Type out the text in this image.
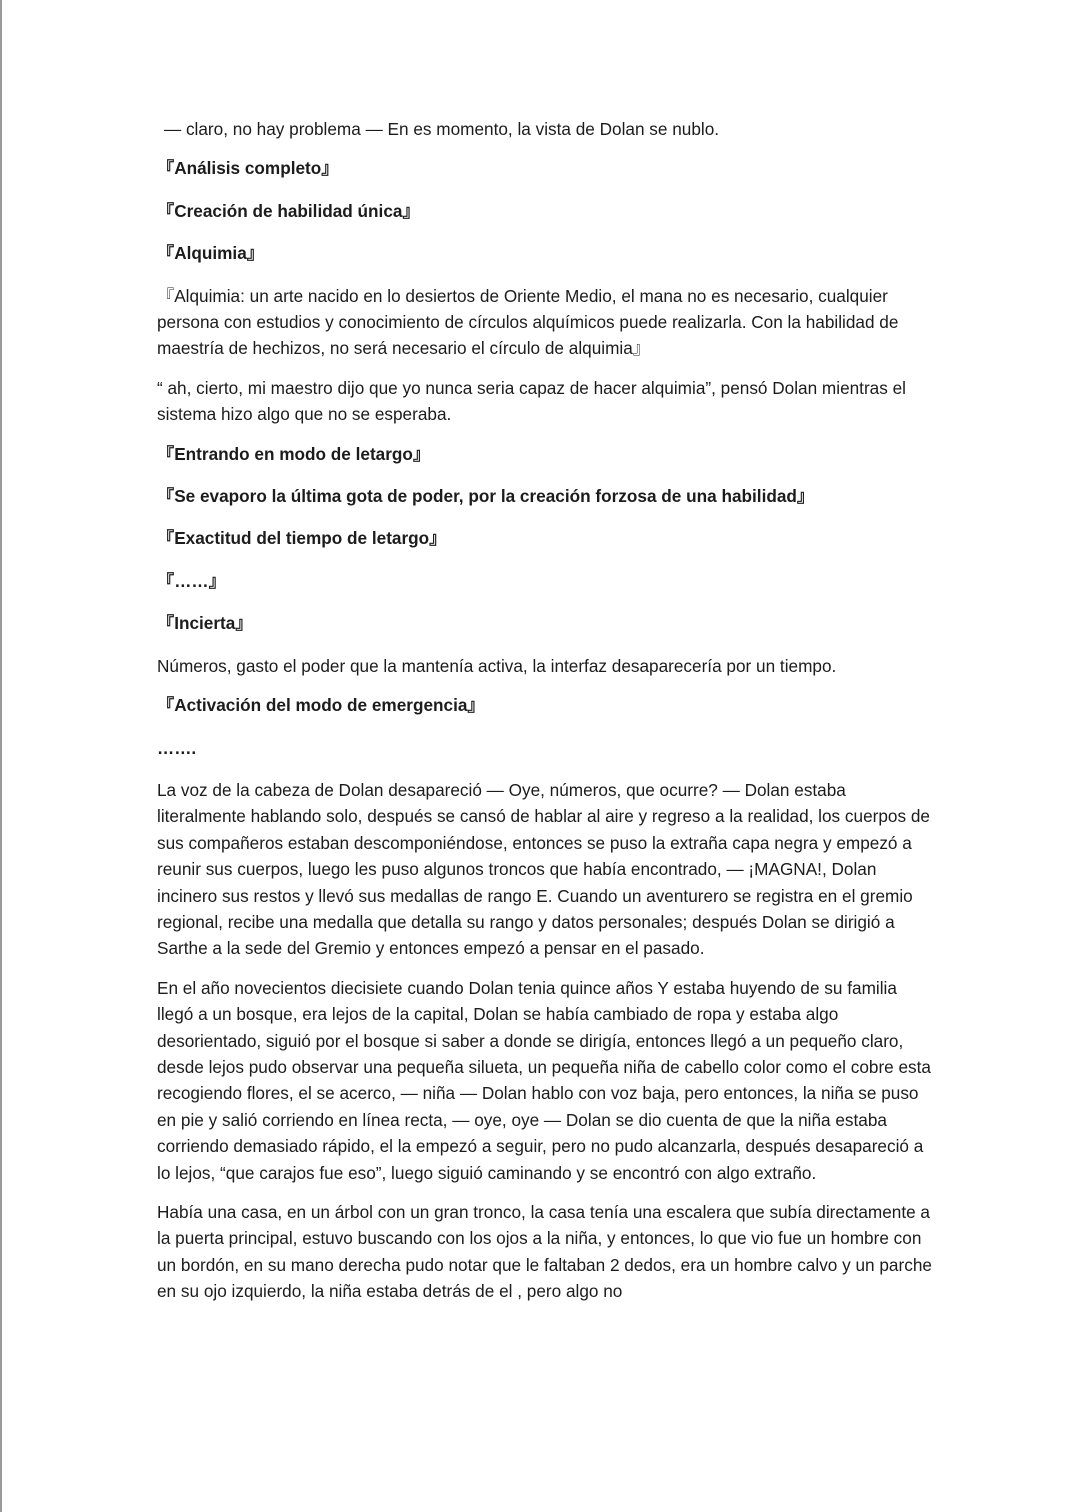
— claro, no hay problema — En es momento, la vista de Dolan se nublo.

『Análisis completo』

『Creación de habilidad única』

『Alquimia』

『Alquimia: un arte nacido en lo desiertos de Oriente Medio, el mana no es necesario, cualquier persona con estudios y conocimiento de círculos alquímicos puede realizarla. Con la habilidad de maestría de hechizos, no será necesario el círculo de alquimia』

“ ah, cierto, mi maestro dijo que yo nunca seria capaz de hacer alquimia”, pensó Dolan mientras el sistema hizo algo que no se esperaba.

『Entrando en modo de letargo』

『Se evaporo la última gota de poder, por la creación forzosa de una habilidad』

『Exactitud del tiempo de letargo』

『……』

『Incierta』

Números, gasto el poder que la mantenía activa, la interfaz desaparecería por un tiempo.

『Activación del modo de emergencia』

…….

La voz de la cabeza de Dolan desapareció — Oye, números, que ocurre? — Dolan estaba literalmente hablando solo, después se cansó de hablar al aire y regreso a la realidad, los cuerpos de sus compañeros estaban descomponiéndose, entonces se puso la extraña capa negra y empezó a reunir sus cuerpos, luego les puso algunos troncos que había encontrado, — ¡MAGNA!, Dolan incinero sus restos y llevó sus medallas de rango E. Cuando un aventurero se registra en el gremio regional, recibe una medalla que detalla su rango y datos personales; después Dolan se dirigió a Sarthe a la sede del Gremio y entonces empezó a pensar en el pasado.

En el año novecientos diecisiete cuando Dolan tenia quince años Y estaba huyendo de su familia llegó a un bosque, era lejos de la capital, Dolan se había cambiado de ropa y estaba algo desorientado, siguió por el bosque si saber a donde se dirigía, entonces llegó a un pequeño claro, desde lejos pudo observar una pequeña silueta, un pequeña niña de cabello color como el cobre esta recogiendo flores, el se acerco, — niña — Dolan hablo con voz baja, pero entonces, la niña se puso en pie y salió corriendo en línea recta, — oye, oye — Dolan se dio cuenta de que la niña estaba corriendo demasiado rápido, el la empezó a seguir, pero no pudo alcanzarla, después desapareció a lo lejos, “que carajos fue eso”, luego siguió caminando y se encontró con algo extraño.

Había una casa, en un árbol con un gran tronco, la casa tenía una escalera que subía directamente a la puerta principal, estuvo buscando con los ojos a la niña, y entonces, lo que vio fue un hombre con un bordón, en su mano derecha pudo notar que le faltaban 2 dedos, era un hombre calvo y un parche en su ojo izquierdo, la niña estaba detrás de el , pero algo no
